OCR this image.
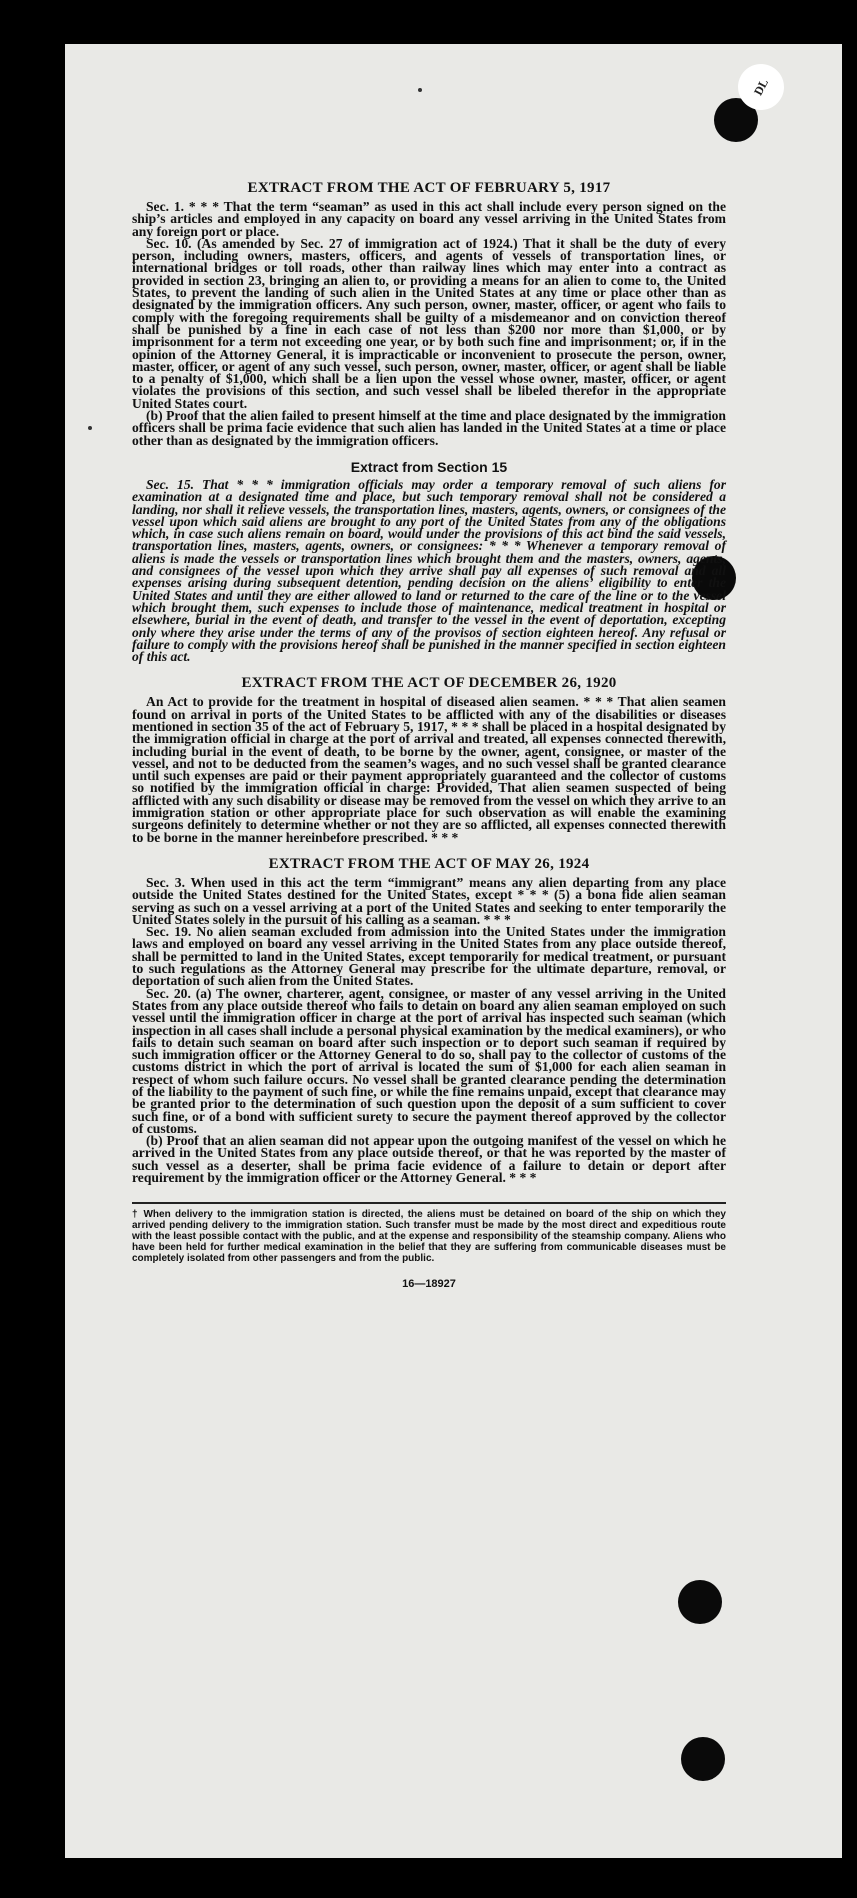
DL
EXTRACT FROM THE ACT OF FEBRUARY 5, 1917

Sec. 1. * * * That the term “seaman” as used in this act shall include every person signed on the ship’s articles and employed in any capacity on board any vessel arriving in the United States from any foreign port or place.

Sec. 10. (As amended by Sec. 27 of immigration act of 1924.) That it shall be the duty of every person, including owners, masters, officers, and agents of vessels of transportation lines, or international bridges or toll roads, other than railway lines which may enter into a contract as provided in section 23, bringing an alien to, or providing a means for an alien to come to, the United States, to prevent the landing of such alien in the United States at any time or place other than as designated by the immigration officers. Any such person, owner, master, officer, or agent who fails to comply with the foregoing requirements shall be guilty of a misdemeanor and on conviction thereof shall be punished by a fine in each case of not less than $200 nor more than $1,000, or by imprisonment for a term not exceeding one year, or by both such fine and imprisonment; or, if in the opinion of the Attorney General, it is impracticable or inconvenient to prosecute the person, owner, master, officer, or agent of any such vessel, such person, owner, master, officer, or agent shall be liable to a penalty of $1,000, which shall be a lien upon the vessel whose owner, master, officer, or agent violates the provisions of this section, and such vessel shall be libeled therefor in the appropriate United States court.

(b) Proof that the alien failed to present himself at the time and place designated by the immigration officers shall be prima facie evidence that such alien has landed in the United States at a time or place other than as designated by the immigration officers.

Extract from Section 15

Sec. 15. That * * * immigration officials may order a temporary removal of such aliens for examination at a designated time and place, but such temporary removal shall not be considered a landing, nor shall it relieve vessels, the transportation lines, masters, agents, owners, or consignees of the vessel upon which said aliens are brought to any port of the United States from any of the obligations which, in case such aliens remain on board, would under the provisions of this act bind the said vessels, transportation lines, masters, agents, owners, or consignees: * * * Whenever a temporary removal of aliens is made the vessels or transportation lines which brought them and the masters, owners, agents, and consignees of the vessel upon which they arrive shall pay all expenses of such removal and all expenses arising during subsequent detention, pending decision on the aliens’ eligibility to enter the United States and until they are either allowed to land or returned to the care of the line or to the vessel which brought them, such expenses to include those of maintenance, medical treatment in hospital or elsewhere, burial in the event of death, and transfer to the vessel in the event of deportation, excepting only where they arise under the terms of any of the provisos of section eighteen hereof. Any refusal or failure to comply with the provisions hereof shall be punished in the manner specified in section eighteen of this act.

EXTRACT FROM THE ACT OF DECEMBER 26, 1920

An Act to provide for the treatment in hospital of diseased alien seamen. * * * That alien seamen found on arrival in ports of the United States to be afflicted with any of the disabilities or diseases mentioned in section 35 of the act of February 5, 1917, * * * shall be placed in a hospital designated by the immigration official in charge at the port of arrival and treated, all expenses connected therewith, including burial in the event of death, to be borne by the owner, agent, consignee, or master of the vessel, and not to be deducted from the seamen’s wages, and no such vessel shall be granted clearance until such expenses are paid or their payment appropriately guaranteed and the collector of customs so notified by the immigration official in charge: Provided, That alien seamen suspected of being afflicted with any such disability or disease may be removed from the vessel on which they arrive to an immigration station or other appropriate place for such observation as will enable the examining surgeons definitely to determine whether or not they are so afflicted, all expenses connected therewith to be borne in the manner hereinbefore prescribed. * * *

EXTRACT FROM THE ACT OF MAY 26, 1924

Sec. 3. When used in this act the term “immigrant” means any alien departing from any place outside the United States destined for the United States, except * * * (5) a bona fide alien seaman serving as such on a vessel arriving at a port of the United States and seeking to enter temporarily the United States solely in the pursuit of his calling as a seaman. * * *

Sec. 19. No alien seaman excluded from admission into the United States under the immigration laws and employed on board any vessel arriving in the United States from any place outside thereof, shall be permitted to land in the United States, except temporarily for medical treatment, or pursuant to such regulations as the Attorney General may prescribe for the ultimate departure, removal, or deportation of such alien from the United States.

Sec. 20. (a) The owner, charterer, agent, consignee, or master of any vessel arriving in the United States from any place outside thereof who fails to detain on board any alien seaman employed on such vessel until the immigration officer in charge at the port of arrival has inspected such seaman (which inspection in all cases shall include a personal physical examination by the medical examiners), or who fails to detain such seaman on board after such inspection or to deport such seaman if required by such immigration officer or the Attorney General to do so, shall pay to the collector of customs of the customs district in which the port of arrival is located the sum of $1,000 for each alien seaman in respect of whom such failure occurs. No vessel shall be granted clearance pending the determination of the liability to the payment of such fine, or while the fine remains unpaid, except that clearance may be granted prior to the determination of such question upon the deposit of a sum sufficient to cover such fine, or of a bond with sufficient surety to secure the payment thereof approved by the collector of customs.

(b) Proof that an alien seaman did not appear upon the outgoing manifest of the vessel on which he arrived in the United States from any place outside thereof, or that he was reported by the master of such vessel as a deserter, shall be prima facie evidence of a failure to detain or deport after requirement by the immigration officer or the Attorney General. * * *

† When delivery to the immigration station is directed, the aliens must be detained on board of the ship on which they arrived pending delivery to the immigration station. Such transfer must be made by the most direct and expeditious route with the least possible contact with the public, and at the expense and responsibility of the steamship company. Aliens who have been held for further medical examination in the belief that they are suffering from communicable diseases must be completely isolated from other passengers and from the public.
16—18927
